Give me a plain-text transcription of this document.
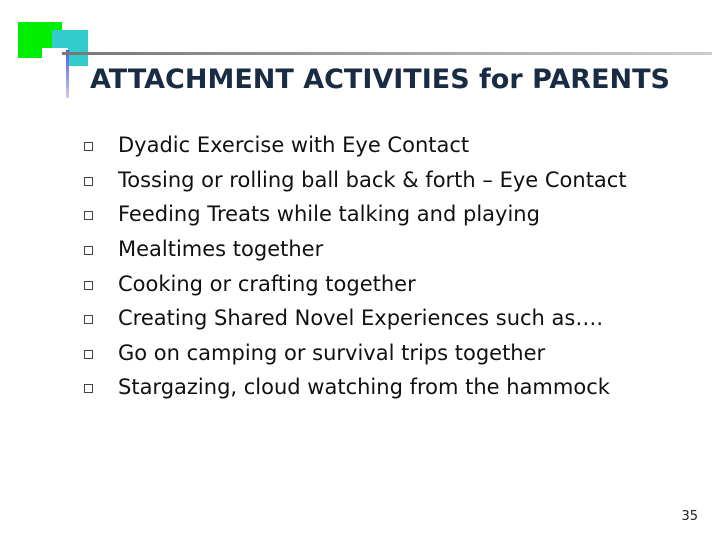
ATTACHMENT ACTIVITIES for PARENTS
Dyadic Exercise with Eye Contact
Tossing or rolling ball back & forth – Eye Contact
Feeding Treats while talking and playing
Mealtimes together
Cooking or crafting together
Creating Shared Novel Experiences such as….
Go on camping or survival trips together
Stargazing, cloud watching from the hammock
35
